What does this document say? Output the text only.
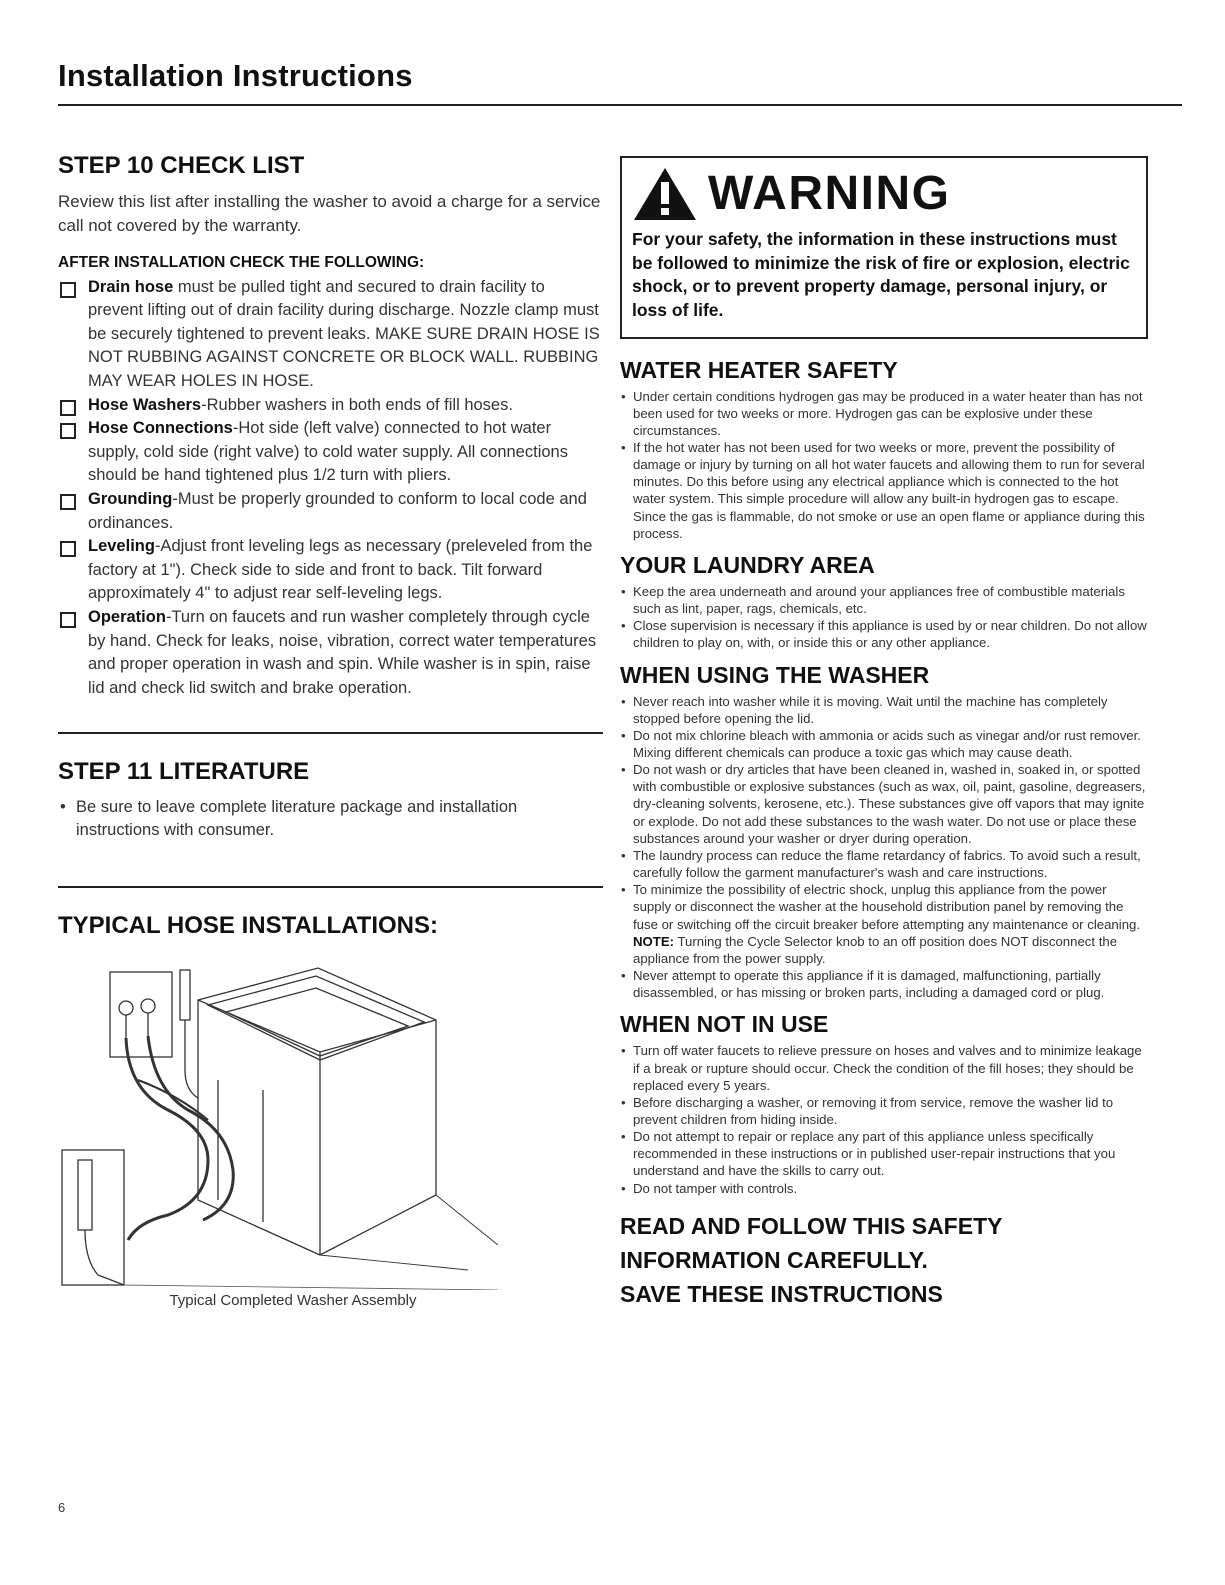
Installation Instructions
STEP 10 CHECK LIST

Review this list after installing the washer to avoid a charge for a service call not covered by the warranty.

AFTER INSTALLATION CHECK THE FOLLOWING:
Drain hose must be pulled tight and secured to drain facility to prevent lifting out of drain facility during discharge. Nozzle clamp must be securely tightened to prevent leaks. MAKE SURE DRAIN HOSE IS NOT RUBBING AGAINST CONCRETE OR BLOCK WALL. RUBBING MAY WEAR HOLES IN HOSE.
Hose Washers-Rubber washers in both ends of fill hoses.
Hose Connections-Hot side (left valve) connected to hot water supply, cold side (right valve) to cold water supply. All connections should be hand tightened plus 1/2 turn with pliers.
Grounding-Must be properly grounded to conform to local code and ordinances.
Leveling-Adjust front leveling legs as necessary (preleveled from the factory at 1"). Check side to side and front to back. Tilt forward approximately 4" to adjust rear self-leveling legs.
Operation-Turn on faucets and run washer completely through cycle by hand. Check for leaks, noise, vibration, correct water temperatures and proper operation in wash and spin. While washer is in spin, raise lid and check lid switch and brake operation.
STEP 11 LITERATURE
• Be sure to leave complete literature package and installation instructions with consumer.
TYPICAL HOSE INSTALLATIONS:
Typical Completed Washer Assembly
WARNING
For your safety, the information in these instructions must be followed to minimize the risk of fire or explosion, electric shock, or to prevent property damage, personal injury, or loss of life.
WATER HEATER SAFETY
• Under certain conditions hydrogen gas may be produced in a water heater than has not been used for two weeks or more. Hydrogen gas can be explosive under these circumstances.
• If the hot water has not been used for two weeks or more, prevent the possibility of damage or injury by turning on all hot water faucets and allowing them to run for several minutes. Do this before using any electrical appliance which is connected to the hot water system. This simple procedure will allow any built-in hydrogen gas to escape. Since the gas is flammable, do not smoke or use an open flame or appliance during this process.
YOUR LAUNDRY AREA
• Keep the area underneath and around your appliances free of combustible materials such as lint, paper, rags, chemicals, etc.
• Close supervision is necessary if this appliance is used by or near children. Do not allow children to play on, with, or inside this or any other appliance.
WHEN USING THE WASHER
• Never reach into washer while it is moving. Wait until the machine has completely stopped before opening the lid.
• Do not mix chlorine bleach with ammonia or acids such as vinegar and/or rust remover. Mixing different chemicals can produce a toxic gas which may cause death.
• Do not wash or dry articles that have been cleaned in, washed in, soaked in, or spotted with combustible or explosive substances (such as wax, oil, paint, gasoline, degreasers, dry-cleaning solvents, kerosene, etc.). These substances give off vapors that may ignite or explode. Do not add these substances to the wash water. Do not use or place these substances around your washer or dryer during operation.
• The laundry process can reduce the flame retardancy of fabrics. To avoid such a result, carefully follow the garment manufacturer's wash and care instructions.
• To minimize the possibility of electric shock, unplug this appliance from the power supply or disconnect the washer at the household distribution panel by removing the fuse or switching off the circuit breaker before attempting any maintenance or cleaning. NOTE: Turning the Cycle Selector knob to an off position does NOT disconnect the appliance from the power supply.
• Never attempt to operate this appliance if it is damaged, malfunctioning, partially disassembled, or has missing or broken parts, including a damaged cord or plug.
WHEN NOT IN USE
• Turn off water faucets to relieve pressure on hoses and valves and to minimize leakage if a break or rupture should occur. Check the condition of the fill hoses; they should be replaced every 5 years.
• Before discharging a washer, or removing it from service, remove the washer lid to prevent children from hiding inside.
• Do not attempt to repair or replace any part of this appliance unless specifically recommended in these instructions or in published user-repair instructions that you understand and have the skills to carry out.
• Do not tamper with controls.
READ AND FOLLOW THIS SAFETY
INFORMATION CAREFULLY.
SAVE THESE INSTRUCTIONS
6
